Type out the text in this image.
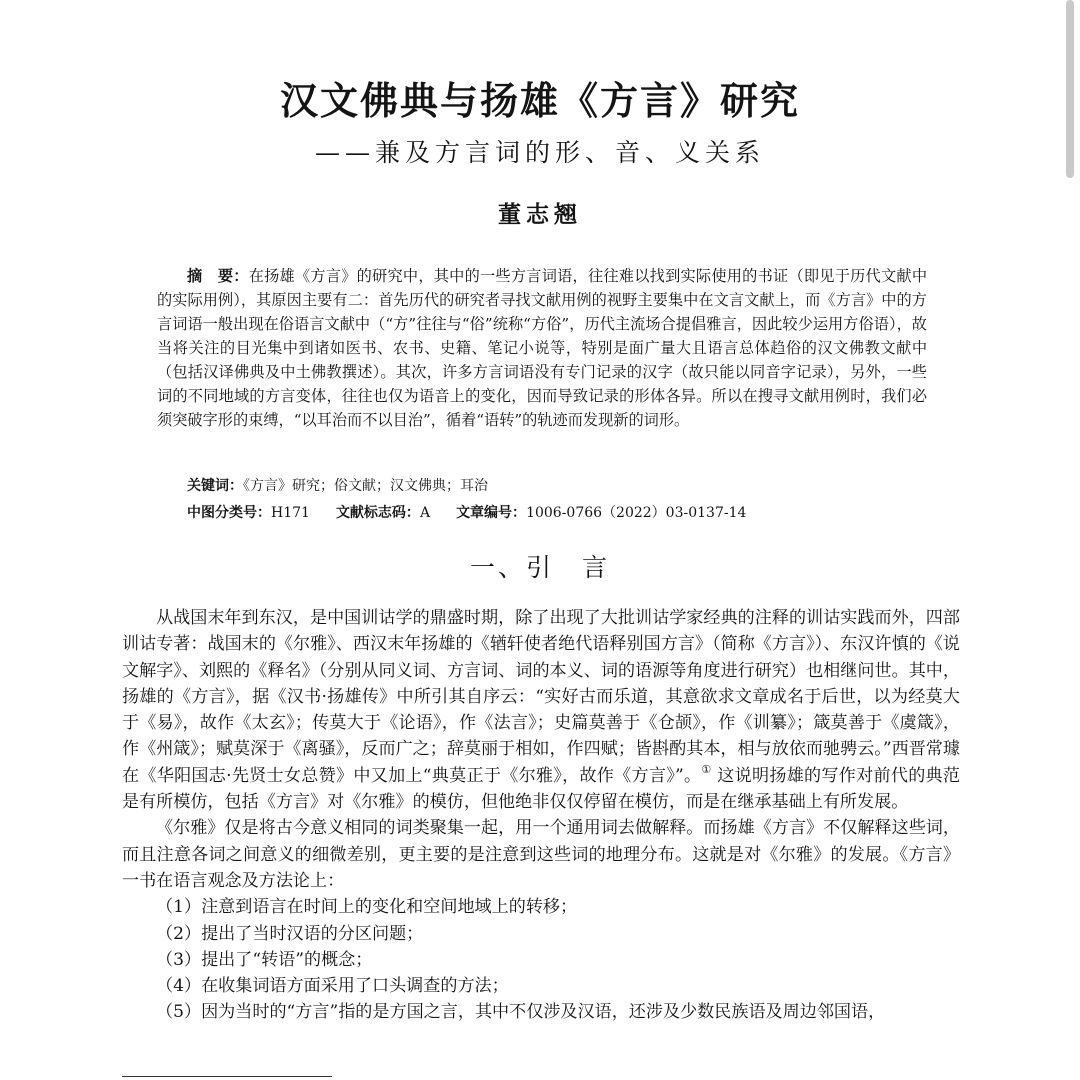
汉文佛典与扬雄《方言》研究
——兼及方言词的形、音、义关系
董志翘

摘　要：在扬雄《方言》的研究中，其中的一些方言词语，往往难以找到实际使用的书证（即见于历代文献中的实际用例），其原因主要有二：首先历代的研究者寻找文献用例的视野主要集中在文言文献上，而《方言》中的方言词语一般出现在俗语言文献中（“方”往往与“俗”统称“方俗”，历代主流场合提倡雅言，因此较少运用方俗语），故当将关注的目光集中到诸如医书、农书、史籍、笔记小说等，特别是面广量大且语言总体趋俗的汉文佛教文献中（包括汉译佛典及中土佛教撰述）。其次，许多方言词语没有专门记录的汉字（故只能以同音字记录），另外，一些词的不同地域的方言变体，往往也仅为语音上的变化，因而导致记录的形体各异。所以在搜寻文献用例时，我们必须突破字形的束缚，“以耳治而不以目治”，循着“语转”的轨迹而发现新的词形。

关键词：《方言》研究；俗文献；汉文佛典；耳治
中图分类号：H171 文献标志码：A 文章编号：1006-0766（2022）03-0137-14
一、引 言

从战国末年到东汉，是中国训诂学的鼎盛时期，除了出现了大批训诂学家经典的注释的训诂实践而外，四部训诂专著：战国末的《尔雅》、西汉末年扬雄的《𬨎轩使者绝代语释别国方言》（简称《方言》）、东汉许慎的《说文解字》、刘熙的《释名》（分别从同义词、方言词、词的本义、词的语源等角度进行研究）也相继问世。其中，扬雄的《方言》，据《汉书·扬雄传》中所引其自序云：“实好古而乐道，其意欲求文章成名于后世，以为经莫大于《易》，故作《太玄》；传莫大于《论语》，作《法言》；史篇莫善于《仓颉》，作《训纂》；箴莫善于《虞箴》，作《州箴》；赋莫深于《离骚》，反而广之；辞莫丽于相如，作四赋；皆斟酌其本，相与放依而驰骋云。”西晋常璩在《华阳国志·先贤士女总赞》中又加上“典莫正于《尔雅》，故作《方言》”。① 这说明扬雄的写作对前代的典范是有所模仿，包括《方言》对《尔雅》的模仿，但他绝非仅仅停留在模仿，而是在继承基础上有所发展。

《尔雅》仅是将古今意义相同的词类聚集一起，用一个通用词去做解释。而扬雄《方言》不仅解释这些词，而且注意各词之间意义的细微差别，更主要的是注意到这些词的地理分布。这就是对《尔雅》的发展。《方言》一书在语言观念及方法论上：

（1）注意到语言在时间上的变化和空间地域上的转移；

（2）提出了当时汉语的分区问题；

（3）提出了“转语”的概念；

（4）在收集词语方面采用了口头调查的方法；

（5）因为当时的“方言”指的是方国之言，其中不仅涉及汉语，还涉及少数民族语及周边邻国语，
